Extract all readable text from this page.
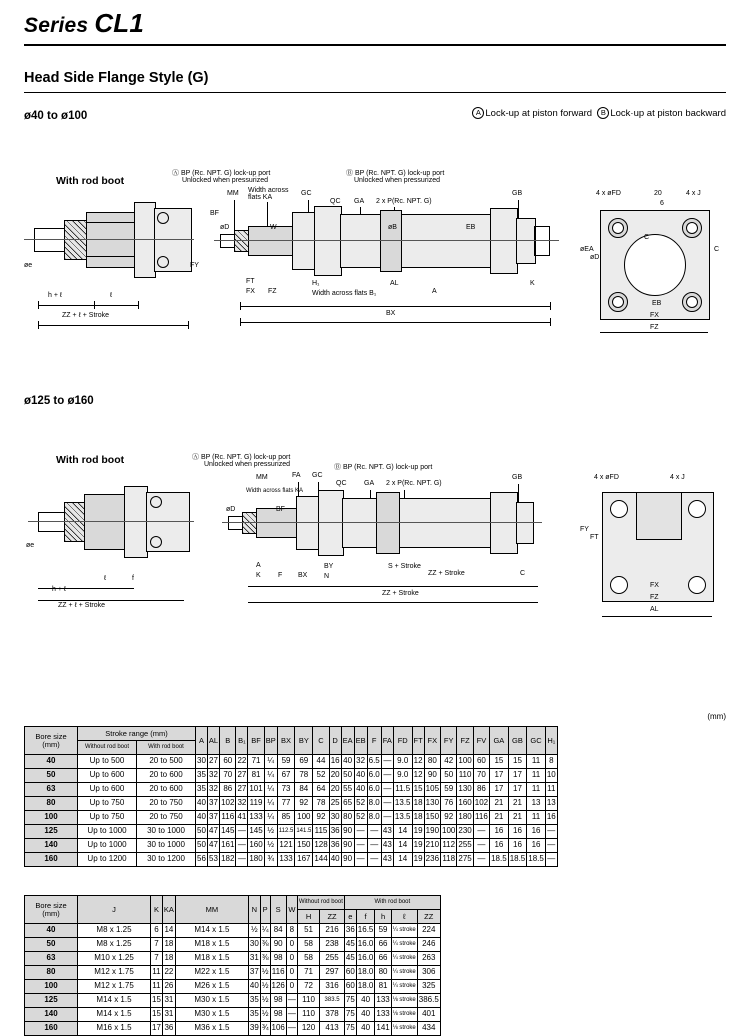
Series CL1
Head Side Flange Style (G)
ø40 to ø100	A Lock-up at piston forward B Lock·up at piston backward
With rod boot
øe
h + ℓ	ℓ
ZZ + ℓ + Stroke
Ⓐ BP (Rc. NPT. G) lock-up port
Unlocked when pressurized
Ⓑ BP (Rc. NPT. G) lock-up port
Unlocked when pressurized
MM Width across flats KA
GC
QC GA 2 x P(Rc. NPT. G)
GB
BF
øD	W	øB	EB
FY
FT
FX FZ
H₁
Width across flats B₁
AL
A
K
BX
4 x øFD	20	4 x J
6
C
øEA
øD
C
EB
FX
FZ
ø125 to ø160
With rod boot
øe
ℓ	f
h + ℓ
ZZ + ℓ + Stroke
Ⓐ BP (Rc. NPT. G) lock-up port
Unlocked when pressurized	Ⓑ BP (Rc. NPT. G) lock-up port
MM
Width across flats KA
FA GC
QC	GA 2 x P(Rc. NPT. G)
GB
øD	BF
A
K F BX
BY
N
S + Stroke
ZZ + Stroke	C
ZZ + Stroke
4 x øFD	4 x J
FY
FT
FX
FZ
AL
(mm)
Bore size
(mm)	Stroke range (mm)		A	AL	B	B₁	BF	BP	BX	BY	C	D	EA	EB	F	FA	FD	FT	FX	FY	FZ	FV	GA	GB	GC	H₁
	Without rod boot	With rod boot																								
40	Up to 500	20 to 500	30	27	60	22	71	¼	59	69	44	16	40	32	6.5	—	9.0	12	80	42	100	60	15	15	11	8
50	Up to 600	20 to 600	35	32	70	27	81	¼	67	78	52	20	50	40	6.0	—	9.0	12	90	50	110	70	17	17	11	10
63	Up to 600	20 to 600	35	32	86	27	101	¼	73	84	64	20	55	40	6.0	—	11.5	15	105	59	130	86	17	17	11	11
80	Up to 750	20 to 750	40	37	102	32	119	¼	77	92	78	25	65	52	8.0	—	13.5	18	130	76	160	102	21	21	13	13
100	Up to 750	20 to 750	40	37	116	41	133	¼	85	100	92	30	80	52	8.0	—	13.5	18	150	92	180	116	21	21	11	16
125	Up to 1000	30 to 1000	50	47	145	—	145	½	112.5	141.5	115	36	90	—	—	43	14	19	190	100	230	—	16	16	16	—
140	Up to 1000	30 to 1000	50	47	161	—	160	½	121	150	128	36	90	—	—	43	14	19	210	112	255	—	16	16	16	—
160	Up to 1200	30 to 1200	56	53	182	—	180	¾	133	167	144	40	90	—	—	43	14	19	236	118	275	—	18.5	18.5	18.5	—
Bore size
(mm)	J	K	KA	MM	N	P	S	W	Without rod boot		With rod boot				
									H	ZZ	e	f	h	ℓ	ZZ
40	M8 x 1.25	6	14	M14 x 1.5	½	¼	84	8	51	216	36	16.5	59	¼ stroke	224
50	M8 x 1.25	7	18	M18 x 1.5	30	⅜	90	0	58	238	45	16.0	66	¼ stroke	246
63	M10 x 1.25	7	18	M18 x 1.5	31	⅜	98	0	58	255	45	16.0	66	¼ stroke	263
80	M12 x 1.75	11	22	M22 x 1.5	37	½	116	0	71	297	60	18.0	80	¼ stroke	306
100	M12 x 1.75	11	26	M26 x 1.5	40	½	126	0	72	316	60	18.0	81	¼ stroke	325
125	M14 x 1.5	15	31	M30 x 1.5	35	½	98	—	110	383.5	75	40	133	⅛ stroke	386.5
140	M14 x 1.5	15	31	M30 x 1.5	35	½	98	—	110	378	75	40	133	⅛ stroke	401
160	M16 x 1.5	17	36	M36 x 1.5	39	¾	106	—	120	413	75	40	141	⅛ stroke	434
